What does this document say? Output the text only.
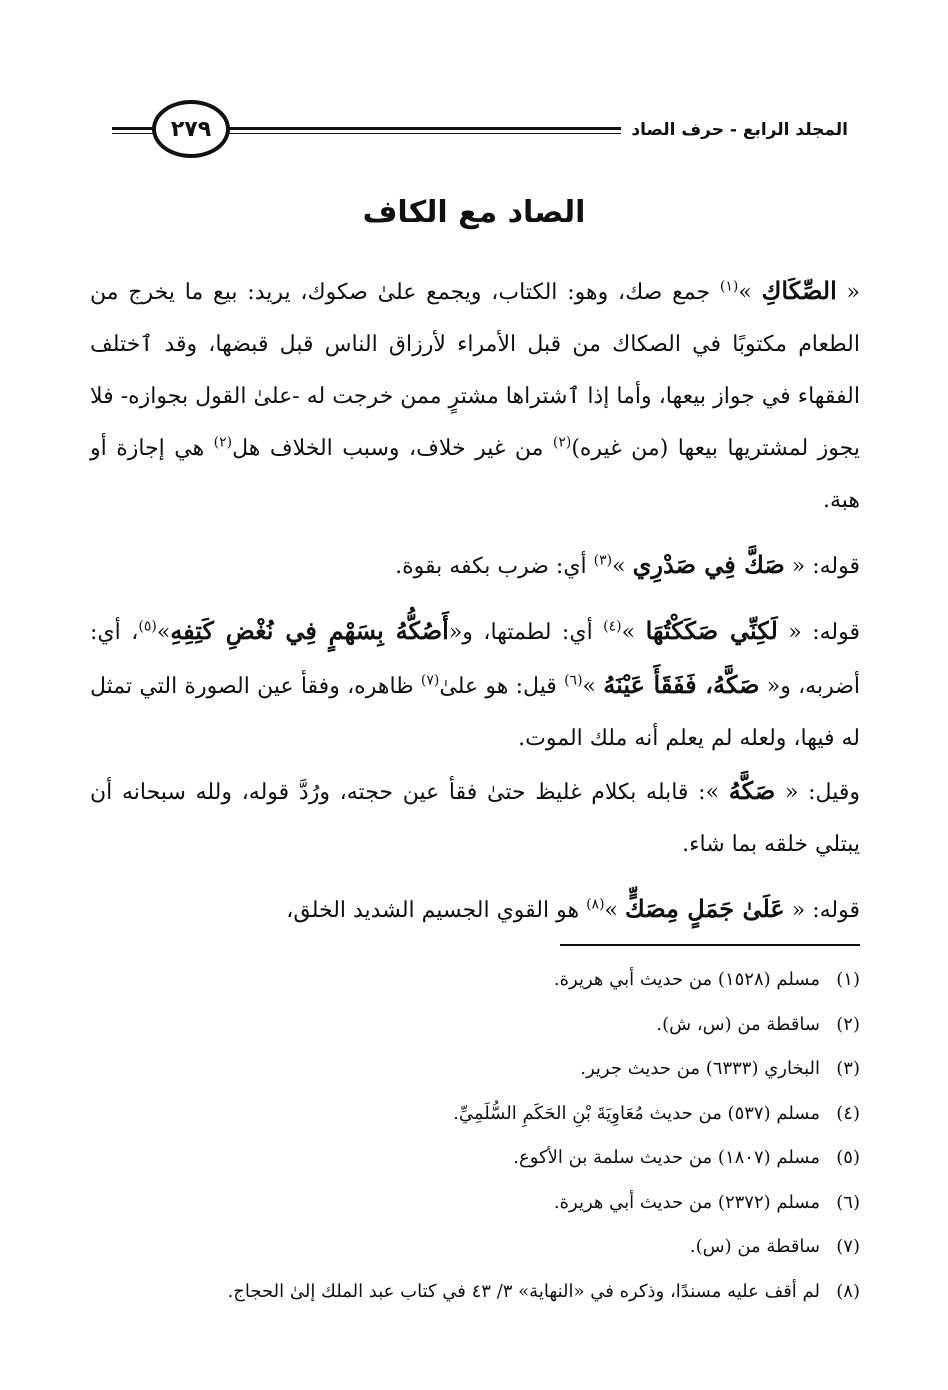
المجلد الرابع - حرف الصاد
٢٧٩
الصاد مع الكاف

« الصِّكَاكِ »$^{(١)}$ جمع صك، وهو: الكتاب، ويجمع علىٰ صكوك، يريد: بيع ما يخرج من الطعام مكتوبًا في الصكاك من قبل الأمراء لأرزاق الناس قبل قبضها، وقد ٱختلف الفقهاء في جواز بيعها، وأما إذا ٱشتراها مشترٍ ممن خرجت له -علىٰ القول بجوازه- فلا يجوز لمشتريها بيعها (من غيره)$^{(٢)}$ من غير خلاف، وسبب الخلاف هل$^{(٢)}$ هي إجازة أو هبة.

قوله: « صَكَّ فِي صَدْرِي »$^{(٣)}$ أي: ضرب بكفه بقوة.

قوله: « لَكِنِّي صَكَكْتُهَا »$^{(٤)}$ أي: لطمتها، و«أَصُكُّهُ بِسَهْمٍ فِي نُغْضِ كَتِفِهِ»$^{(٥)}$، أي: أضربه، و« صَكَّهُ، فَفَقَأَ عَيْنَهُ »$^{(٦)}$ قيل: هو علىٰ$^{(٧)}$ ظاهره، وفقأ عين الصورة التي تمثل له فيها، ولعله لم يعلم أنه ملك الموت.
وقيل: « صَكَّهُ »: قابله بكلام غليظ حتىٰ فقأ عين حجته، ورُدَّ قوله، ولله سبحانه أن يبتلي خلقه بما شاء.

قوله: « عَلَىٰ جَمَلٍ مِصَكٍّ »$^{(٨)}$ هو القوي الجسيم الشديد الخلق،

(١)مسلم (١٥٢٨) من حديث أبي هريرة.
(٢)ساقطة من (س، ش).
(٣)البخاري (٦٣٣٣) من حديث جرير.
(٤)مسلم (٥٣٧) من حديث مُعَاوِيَةَ بْنِ الحَكَمِ السُّلَمِيِّ.
(٥)مسلم (١٨٠٧) من حديث سلمة بن الأكوع.
(٦)مسلم (٢٣٧٢) من حديث أبي هريرة.
(٧)ساقطة من (س).
(٨)لم أقف عليه مسندًا، وذكره في «النهاية» ٣/ ٤٣ في كتاب عبد الملك إلىٰ الحجاج.
